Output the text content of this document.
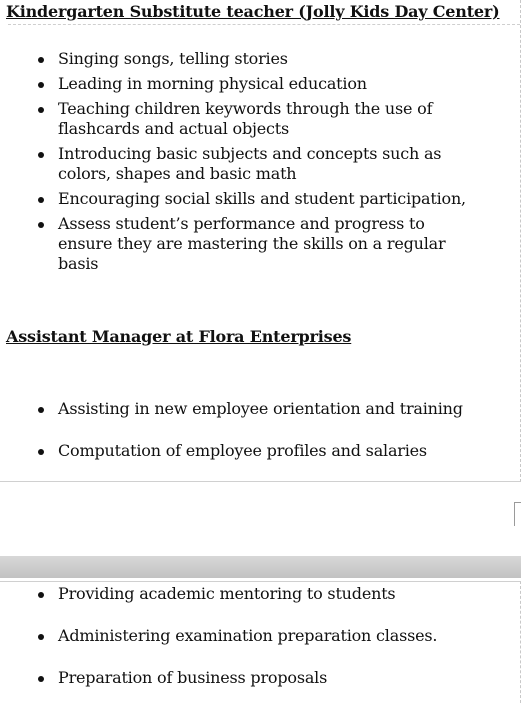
Kindergarten Substitute teacher (Jolly Kids Day Center)
Singing songs, telling stories
Leading in morning physical education
Teaching children keywords through the use of flashcards and actual objects
Introducing basic subjects and concepts such as colors, shapes and basic math
Encouraging social skills and student participation,
Assess student’s performance and progress to ensure they are mastering the skills on a regular basis
Assistant Manager at Flora Enterprises
Assisting in new employee orientation and training
Computation of employee profiles and salaries
Providing academic mentoring to students
Administering examination preparation classes.
Preparation of business proposals
